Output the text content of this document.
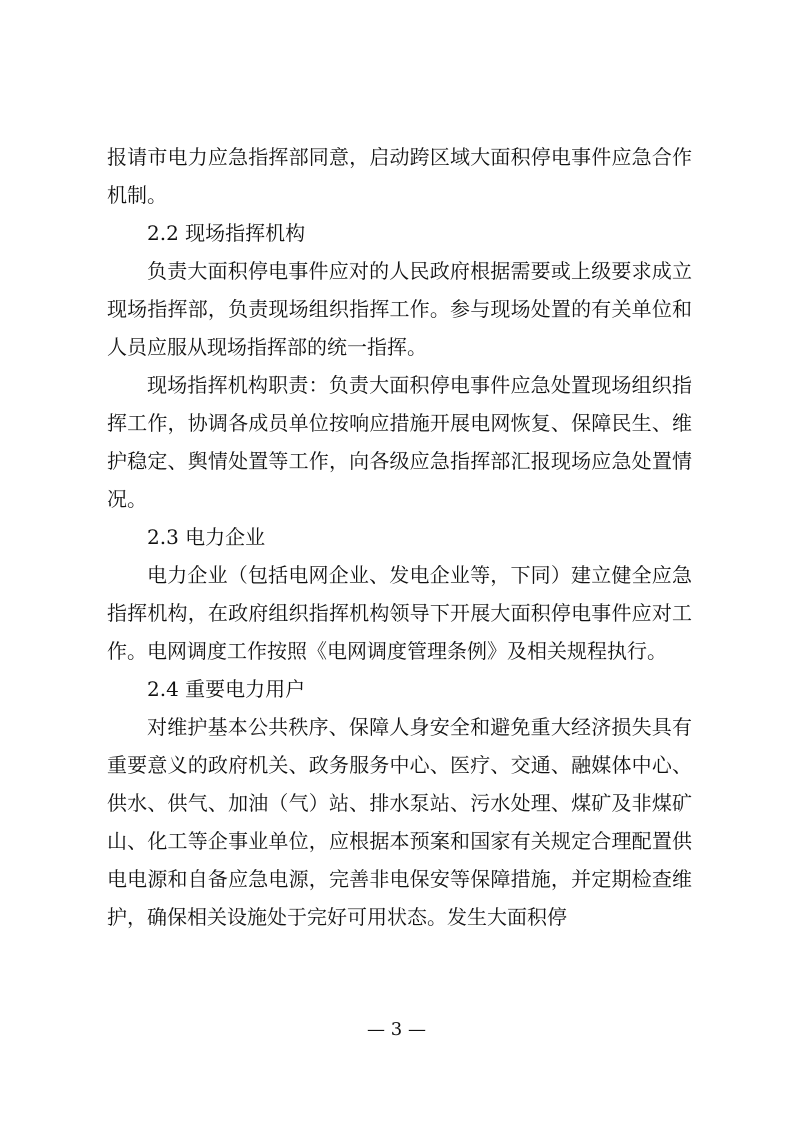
报请市电力应急指挥部同意，启动跨区域大面积停电事件应急合作机制。
2.2 现场指挥机构
负责大面积停电事件应对的人民政府根据需要或上级要求成立现场指挥部，负责现场组织指挥工作。参与现场处置的有关单位和人员应服从现场指挥部的统一指挥。
现场指挥机构职责：负责大面积停电事件应急处置现场组织指挥工作，协调各成员单位按响应措施开展电网恢复、保障民生、维护稳定、舆情处置等工作，向各级应急指挥部汇报现场应急处置情况。
2.3 电力企业
电力企业（包括电网企业、发电企业等，下同）建立健全应急指挥机构，在政府组织指挥机构领导下开展大面积停电事件应对工作。电网调度工作按照《电网调度管理条例》及相关规程执行。
2.4 重要电力用户
对维护基本公共秩序、保障人身安全和避免重大经济损失具有重要意义的政府机关、政务服务中心、医疗、交通、融媒体中心、供水、供气、加油（气）站、排水泵站、污水处理、煤矿及非煤矿山、化工等企事业单位，应根据本预案和国家有关规定合理配置供电电源和自备应急电源，完善非电保安等保障措施，并定期检查维护，确保相关设施处于完好可用状态。发生大面积停
— 3 —
